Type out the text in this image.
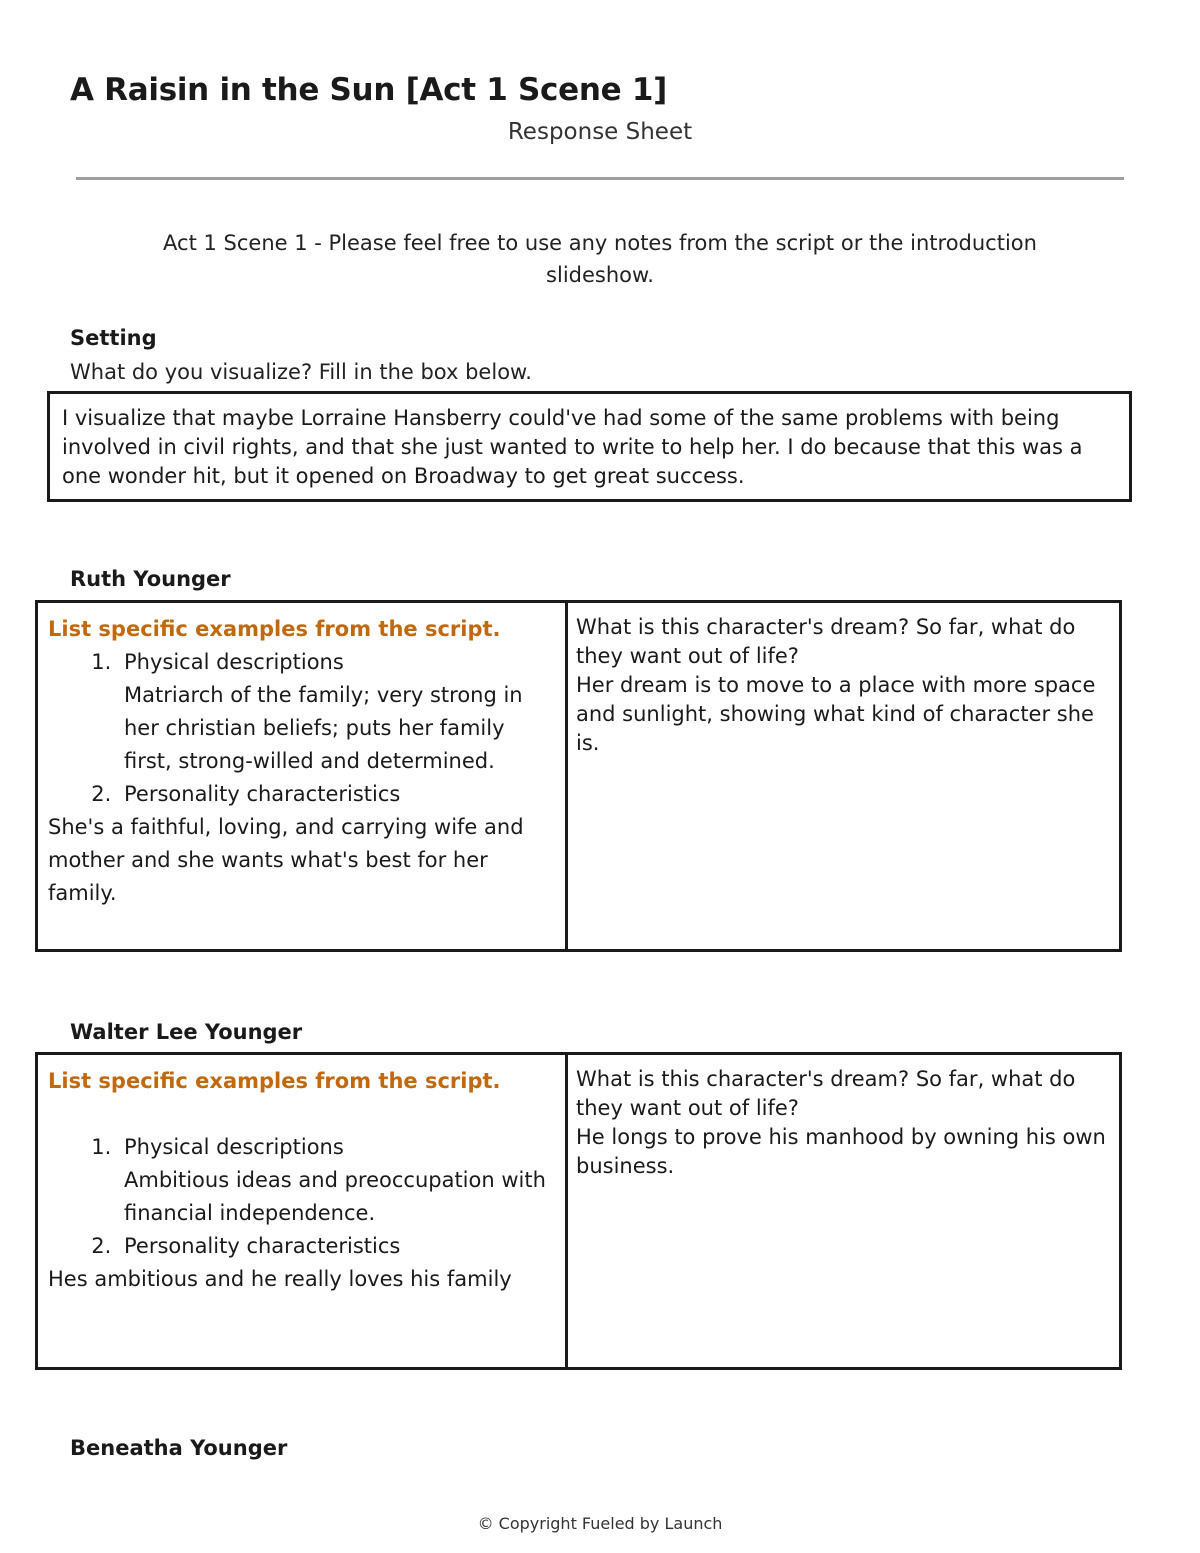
A Raisin in the Sun [Act 1 Scene 1]
Response Sheet
Act 1 Scene 1 - Please feel free to use any notes from the script or the introduction slideshow.
Setting
What do you visualize? Fill in the box below.
I visualize that maybe Lorraine Hansberry could've had some of the same problems with being involved in civil rights, and that she just wanted to write to help her. I do because that this was a one wonder hit, but it opened on Broadway to get great success.
Ruth Younger

List specific examples from the script.

1. Physical descriptions
Matriarch of the family; very strong in her christian beliefs; puts her family first, strong-willed and determined.
2. Personality characteristics

She's a faithful, loving, and carrying wife and mother and she wants what's best for her family.

What is this character's dream? So far, what do they want out of life?

Her dream is to move to a place with more space and sunlight, showing what kind of character she is.

Walter Lee Younger

List specific examples from the script.

1. Physical descriptions
Ambitious ideas and preoccupation with financial independence.
2. Personality characteristics

Hes ambitious and he really loves his family

What is this character's dream? So far, what do they want out of life?

He longs to prove his manhood by owning his own business.

Beneatha Younger
© Copyright Fueled by Launch
